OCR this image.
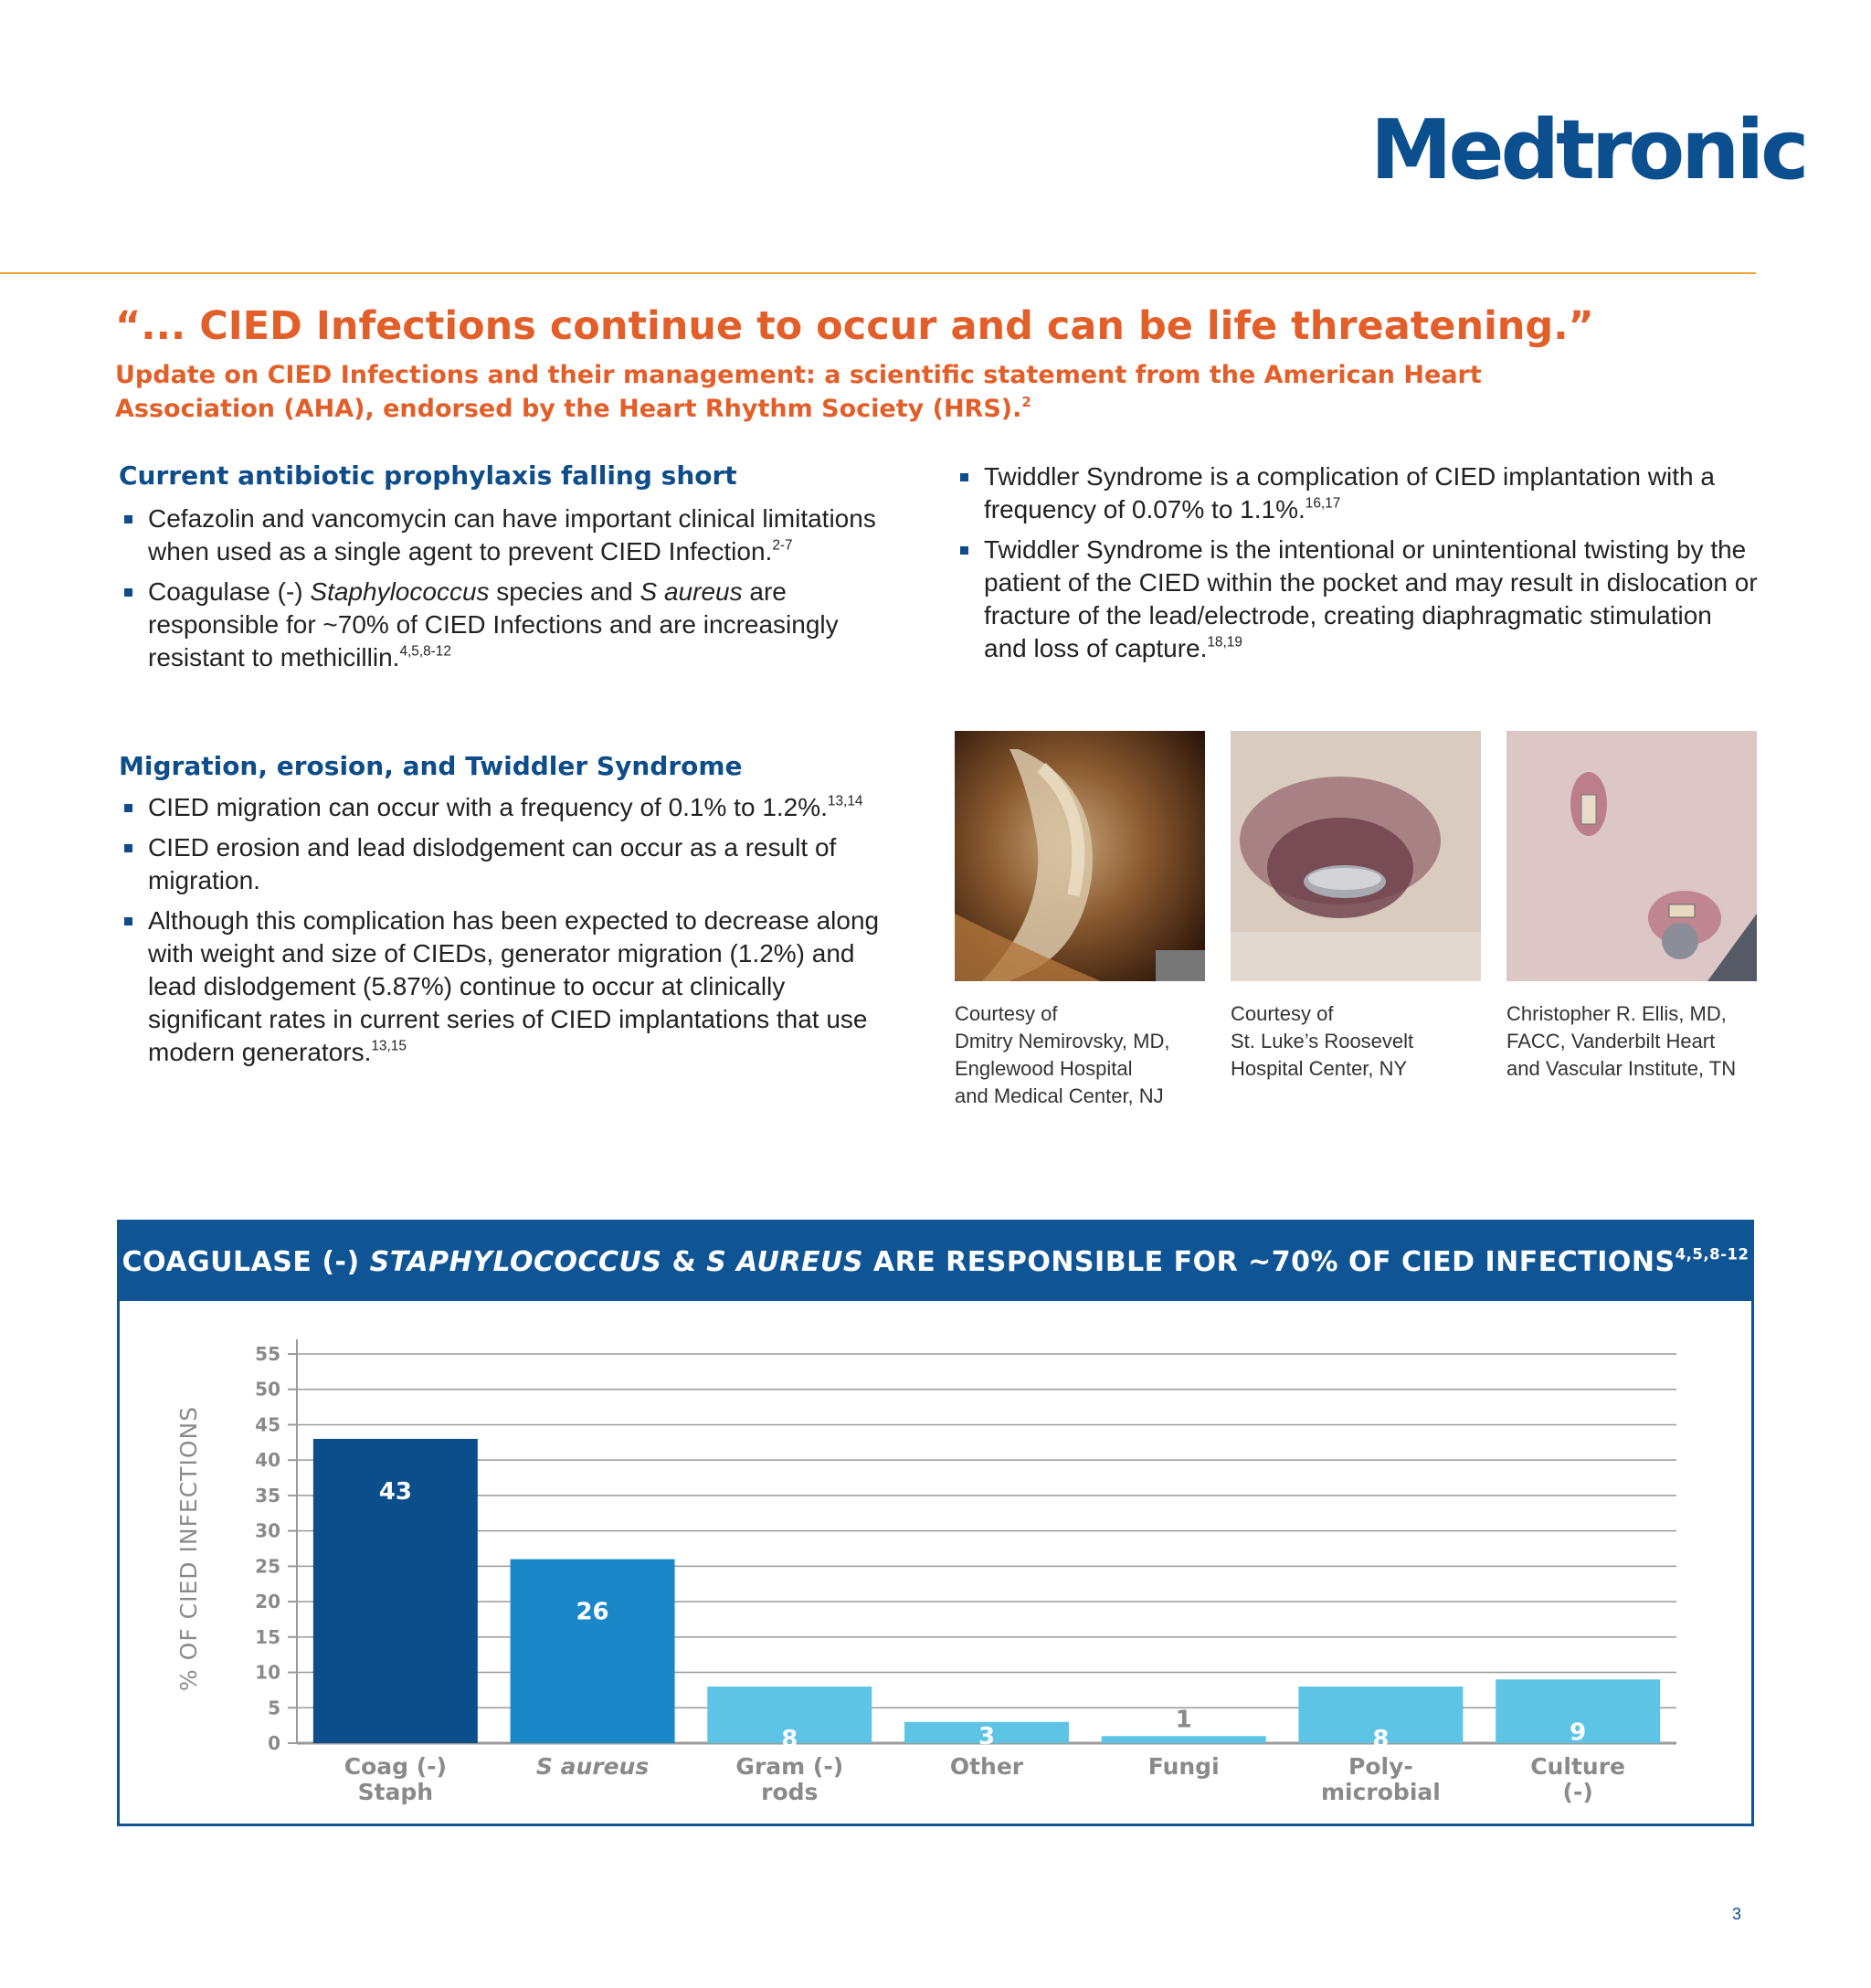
Medtronic
“... CIED Infections continue to occur and can be life threatening.”
Update on CIED Infections and their management: a scientific statement from the American Heart Association (AHA), endorsed by the Heart Rhythm Society (HRS).$^2$
Current antibiotic prophylaxis falling short
Cefazolin and vancomycin can have important clinical limitations when used as a single agent to prevent CIED Infection.$^{2-7}$
Coagulase (-) Staphylococcus species and S aureus are responsible for ~70% of CIED Infections and are increasingly resistant to methicillin.$^{4,5,8-12}$
Migration, erosion, and Twiddler Syndrome
CIED migration can occur with a frequency of 0.1% to 1.2%.$^{13,14}$
CIED erosion and lead dislodgement can occur as a result of migration.
Although this complication has been expected to decrease along with weight and size of CIEDs, generator migration (1.2%) and lead dislodgement (5.87%) continue to occur at clinically significant rates in current series of CIED implantations that use modern generators.$^{13,15}$
Twiddler Syndrome is a complication of CIED implantation with a frequency of 0.07% to 1.1%.$^{16,17}$
Twiddler Syndrome is the intentional or unintentional twisting by the patient of the CIED within the pocket and may result in dislocation or fracture of the lead/electrode, creating diaphragmatic stimulation and loss of capture.$^{18,19}$
Courtesy of
Dmitry Nemirovsky, MD,
Englewood Hospital
and Medical Center, NJ
Courtesy of
St. Luke’s Roosevelt
Hospital Center, NY
Christopher R. Ellis, MD,
FACC, Vanderbilt Heart
and Vascular Institute, TN
COAGULASE (-) STAPHYLOCOCCUS & S AUREUS ARE RESPONSIBLE FOR ~70% OF CIED INFECTIONS$^{4,5,8-12}$
0
5
10
15
20
25
30
35
40
45
50
55
% OF CIED INFECTIONS	43
Coag (-)
Staph
26
S aureus
8
Gram (-)
rods
3
Other
1
Fungi
8
Poly-
microbial
9
Culture
(-)
3
